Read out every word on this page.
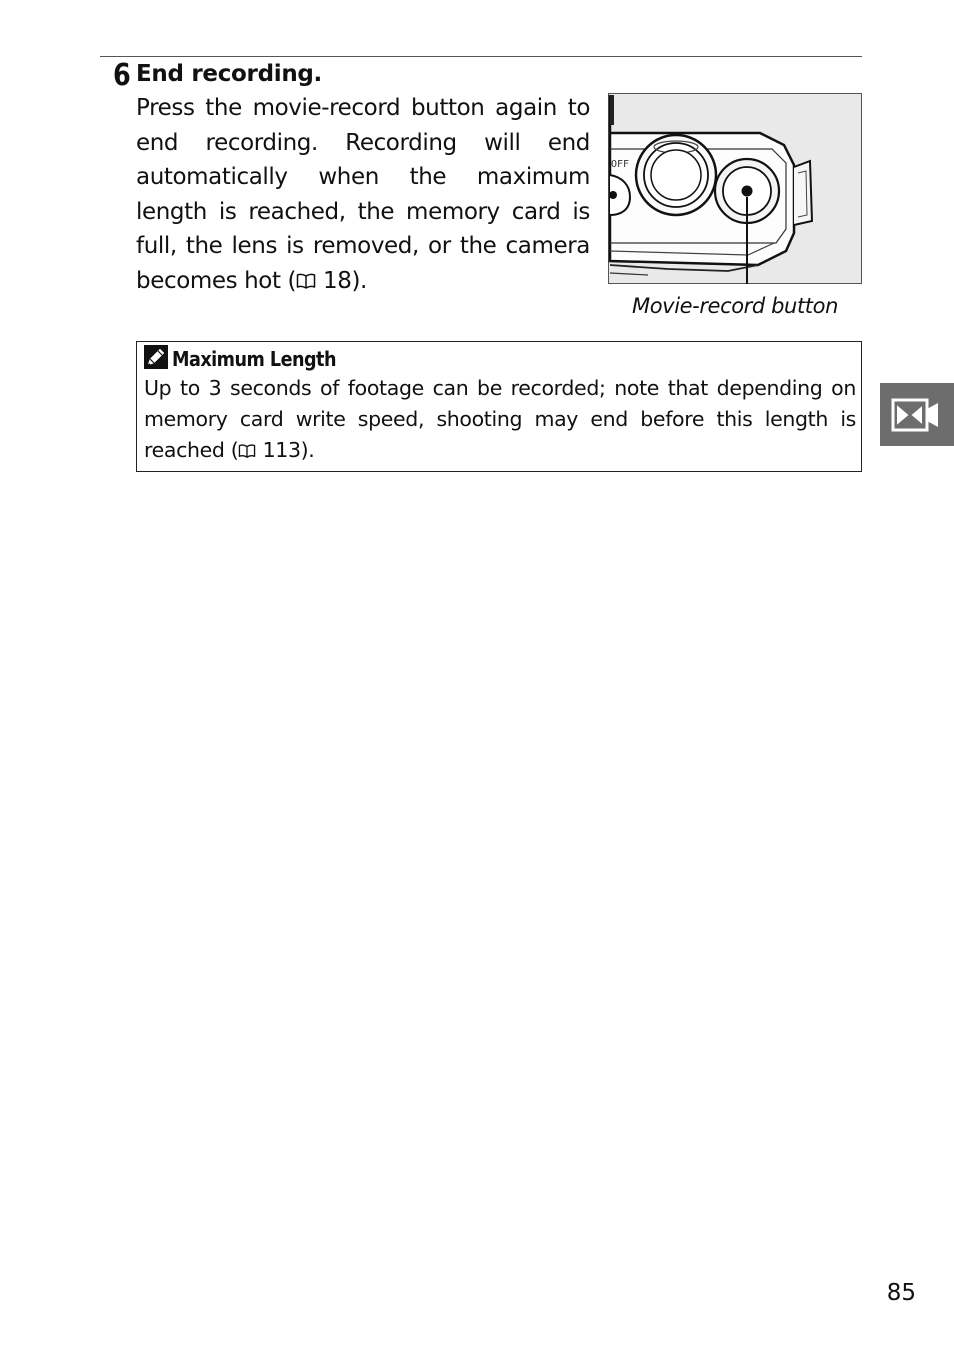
6 End recording.
Press the movie-record button again to end recording. Recording will end automatically when the maximum length is reached, the memory card is full, the lens is removed, or the camera becomes hot ( 18).
OFF
Movie-record button
Maximum Length
Up to 3 seconds of footage can be recorded; note that depending on memory card write speed, shooting may end before this length is reached ( 113).
85
